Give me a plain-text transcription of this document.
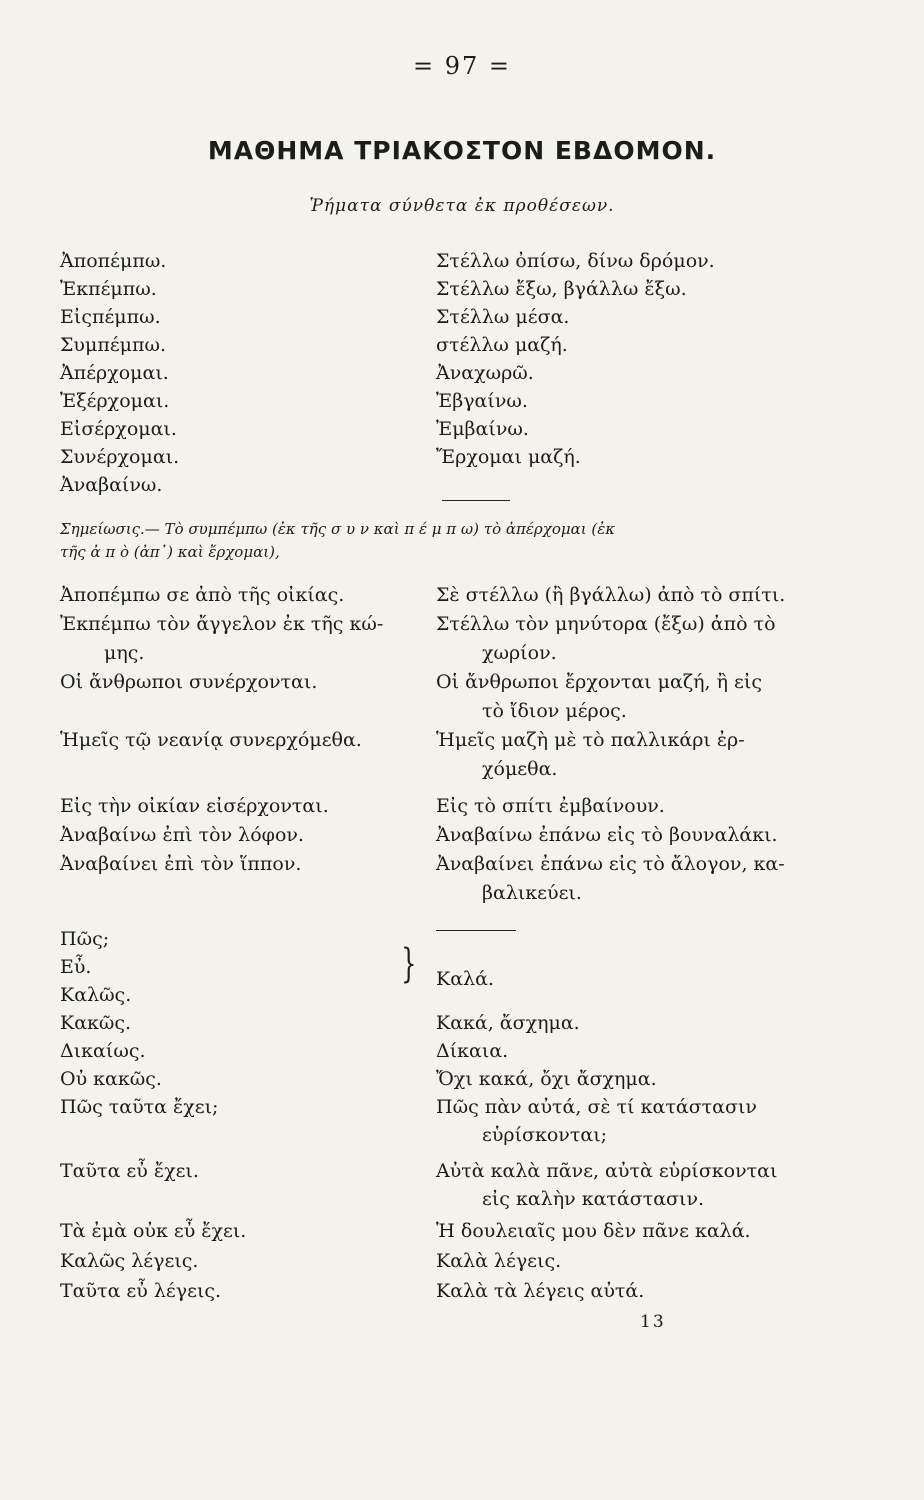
= 97 =
ΜΑΘΗΜΑ ΤΡΙΑΚΟΣΤΟΝ ΕΒΔΟΜΟΝ.
Ῥήματα σύνθετα ἐκ προθέσεων.
Ἀποπέμπω.	Στέλλω ὀπίσω, δίνω δρόμον.
Ἐκπέμπω.	Στέλλω ἔξω, βγάλλω ἔξω.
Εἰςπέμπω.	Στέλλω μέσα.
Συμπέμπω.	στέλλω μαζή.
Ἀπέρχομαι.	Ἀναχωρῶ.
Ἐξέρχομαι.	Ἐβγαίνω.
Εἰσέρχομαι.	Ἐμβαίνω.
Συνέρχομαι.	Ἔρχομαι μαζή.
Ἀναβαίνω.
Σημείωσις.— Τὸ συμπέμπω (ἐκ τῆς σ υ ν καὶ π έ μ π ω) τὸ ἀπέρχομαι (ἐκ
τῆς ἀ π ὸ (ἀπ᾽) καὶ ἔρχομαι),
Ἀποπέμπω σε ἀπὸ τῆς οἰκίας.	Σὲ στέλλω (ἢ βγάλλω) ἀπὸ τὸ σπίτι.
Ἐκπέμπω τὸν ἄγγελον ἐκ τῆς κώ-	Στέλλω τὸν μηνύτορα (ἔξω) ἀπὸ τὸ
μης.	χωρίον.
Οἱ ἄνθρωποι συνέρχονται.	Οἱ ἄνθρωποι ἔρχονται μαζή, ἢ εἰς
τὸ ἴδιον μέρος.
Ἡμεῖς τῷ νεανίᾳ συνερχόμεθα.	Ἡμεῖς μαζὴ μὲ τὸ παλλικάρι ἐρ-
χόμεθα.
Εἰς τὴν οἰκίαν εἰσέρχονται.	Εἰς τὸ σπίτι ἐμβαίνουν.
Ἀναβαίνω ἐπὶ τὸν λόφον.	Ἀναβαίνω ἐπάνω εἰς τὸ βουναλάκι.
Ἀναβαίνει ἐπὶ τὸν ἵππον.	Ἀναβαίνει ἐπάνω εἰς τὸ ἄλογον, κα-
βαλικεύει.
Πῶς;
Εὖ.
Καλῶς.
} Καλά.
Κακῶς.	Κακά, ἄσχημα.
Δικαίως.	Δίκαια.
Οὐ κακῶς.	Ὄχι κακά, ὄχι ἄσχημα.
Πῶς ταῦτα ἔχει;	Πῶς πὰν αὐτά, σὲ τί κατάστασιν
εὑρίσκονται;
Ταῦτα εὖ ἔχει.	Αὐτὰ καλὰ πᾶνε, αὐτὰ εὑρίσκονται
εἰς καλὴν κατάστασιν.
Τὰ ἐμὰ οὐκ εὖ ἔχει.	Ἡ δουλειαῖς μου δὲν πᾶνε καλά.
Καλῶς λέγεις.	Καλὰ λέγεις.
Ταῦτα εὖ λέγεις.	Καλὰ τὰ λέγεις αὐτά.
13
